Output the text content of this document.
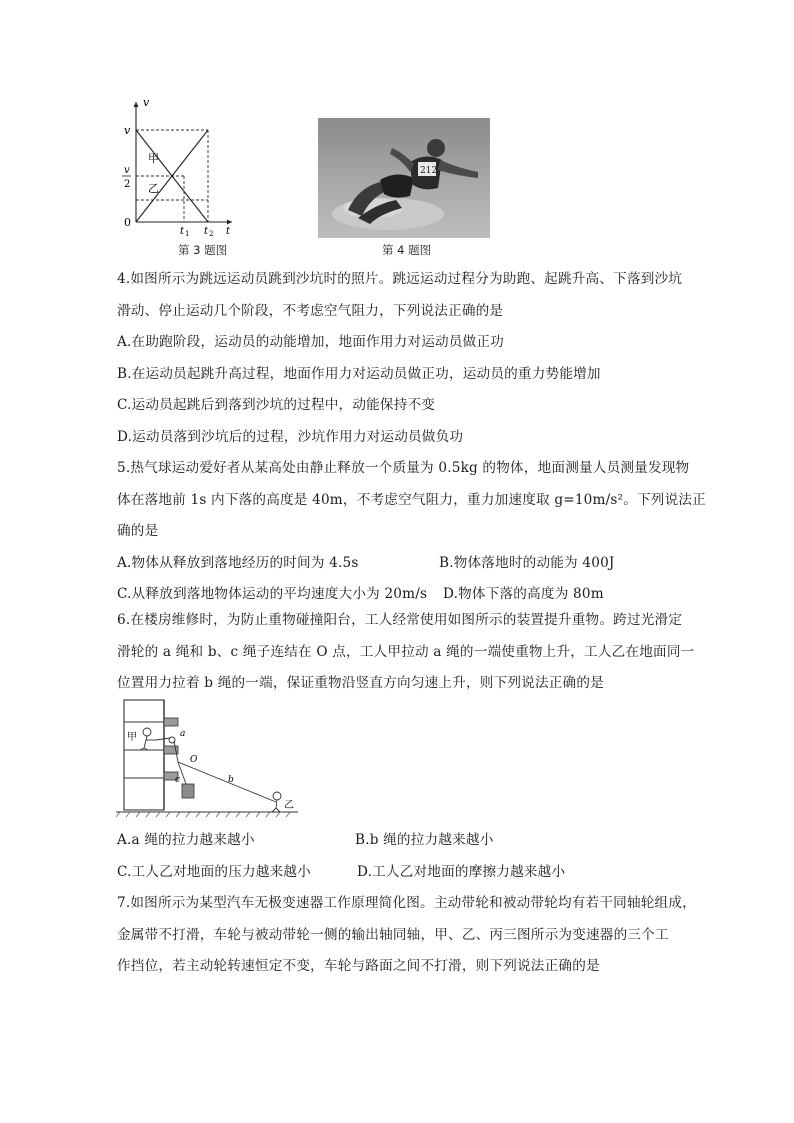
v
v
v
2
0
甲
乙
t 1 t 2 t
212
第 3 题图	第 4 题图
4.如图所示为跳远运动员跳到沙坑时的照片。跳远运动过程分为助跑、起跳升高、下落到沙坑
滑动、停止运动几个阶段，不考虑空气阻力，下列说法正确的是
A.在助跑阶段，运动员的动能增加，地面作用力对运动员做正功
B.在运动员起跳升高过程，地面作用力对运动员做正功，运动员的重力势能增加
C.运动员起跳后到落到沙坑的过程中，动能保持不变
D.运动员落到沙坑后的过程，沙坑作用力对运动员做负功
5.热气球运动爱好者从某高处由静止释放一个质量为 0.5kg 的物体，地面测量人员测量发现物
体在落地前 1s 内下落的高度是 40m，不考虑空气阻力，重力加速度取 g=10m/s²。下列说法正
确的是
A.物体从释放到落地经历的时间为 4.5s	B.物体落地时的动能为 400J
C.从释放到落地物体运动的平均速度大小为 20m/s D.物体下落的高度为 80m
6.在楼房维修时，为防止重物碰撞阳台，工人经常使用如图所示的装置提升重物。跨过光滑定
滑轮的 a 绳和 b、c 绳子连结在 O 点，工人甲拉动 a 绳的一端使重物上升，工人乙在地面同一
位置用力拉着 b 绳的一端，保证重物沿竖直方向匀速上升，则下列说法正确的是
甲	a
O
b
c
乙
A.a 绳的拉力越来越小	B.b 绳的拉力越来越小
C.工人乙对地面的压力越来越小	D.工人乙对地面的摩擦力越来越小
7.如图所示为某型汽车无极变速器工作原理简化图。主动带轮和被动带轮均有若干同轴轮组成，
金属带不打滑，车轮与被动带轮一侧的输出轴同轴，甲、乙、丙三图所示为变速器的三个工
作挡位，若主动轮转速恒定不变，车轮与路面之间不打滑，则下列说法正确的是
